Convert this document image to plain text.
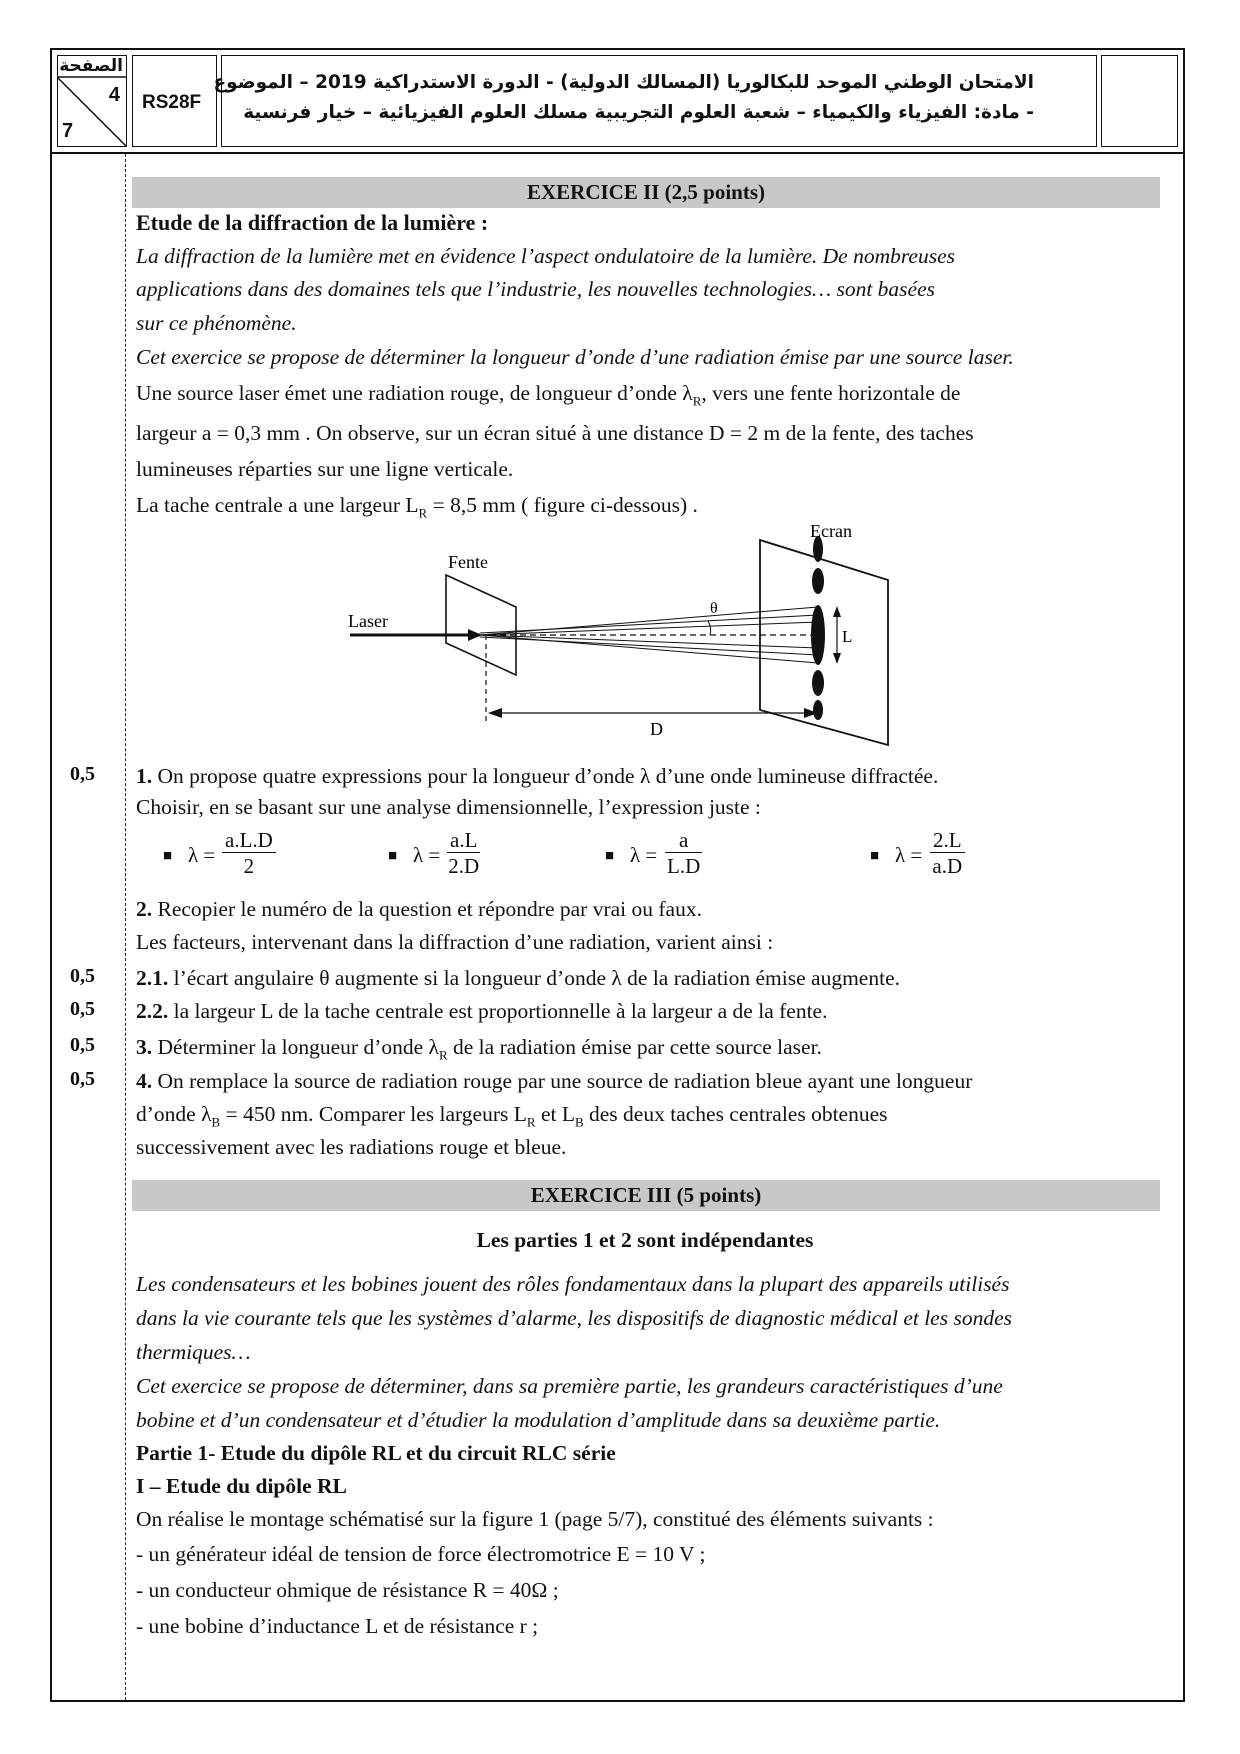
الصفحة
4
7
RS28F
الامتحان الوطني الموحد للبكالوريا (المسالك الدولية) - الدورة الاستدراكية 2019 – الموضوع
- مادة: الفيزياء والكيمياء – شعبة العلوم التجريبية مسلك العلوم الفيزيائية – خيار فرنسية
EXERCICE II (2,5 points)
Etude de la diffraction de la lumière :
La diffraction de la lumière met en évidence l’aspect ondulatoire de la lumière. De nombreuses
applications dans des domaines tels que l’industrie, les nouvelles technologies… sont basées
sur ce phénomène.
Cet exercice se propose de déterminer la longueur d’onde d’une radiation émise par une source laser.
Une source laser émet une radiation rouge, de longueur d’onde $\lambda_R$, vers une fente horizontale de
largeur a = 0,3 mm . On observe, sur un écran situé à une distance D = 2 m de la fente, des taches
lumineuses réparties sur une ligne verticale.
La tache centrale a une largeur $L_R = 8,5$ mm ( figure ci-dessous) .
Ecran
Fente
Laser
θ
L
D
0,5
0,5
0,5
0,5
0,5
1. On propose quatre expressions pour la longueur d’onde λ d’une onde lumineuse diffractée.
Choisir, en se basant sur une analyse dimensionnelle, l’expression juste :
■ $\lambda = \frac{a.L.D}{2}$	■ $\lambda = \frac{a.L}{2.D}$	■ $\lambda = \frac{a}{L.D}$	■ $\lambda = \frac{2.L}{a.D}$
2. Recopier le numéro de la question et répondre par vrai ou faux.
Les facteurs, intervenant dans la diffraction d’une radiation, varient ainsi :
2.1. l’écart angulaire θ augmente si la longueur d’onde λ de la radiation émise augmente.
2.2. la largeur L de la tache centrale est proportionnelle à la largeur a de la fente.
3. Déterminer la longueur d’onde $\lambda_R$ de la radiation émise par cette source laser.
4. On remplace la source de radiation rouge par une source de radiation bleue ayant une longueur
d’onde $\lambda_B = 450$ nm. Comparer les largeurs $L_R$ et $L_B$ des deux taches centrales obtenues
successivement avec les radiations rouge et bleue.
EXERCICE III (5 points)
Les parties 1 et 2 sont indépendantes
Les condensateurs et les bobines jouent des rôles fondamentaux dans la plupart des appareils utilisés
dans la vie courante tels que les systèmes d’alarme, les dispositifs de diagnostic médical et les sondes
thermiques…
Cet exercice se propose de déterminer, dans sa première partie, les grandeurs caractéristiques d’une
bobine et d’un condensateur et d’étudier la modulation d’amplitude dans sa deuxième partie.
Partie 1- Etude du dipôle RL et du circuit RLC série
I – Etude du dipôle RL
On réalise le montage schématisé sur la figure 1 (page 5/7), constitué des éléments suivants :
- un générateur idéal de tension de force électromotrice E = 10 V ;
- un conducteur ohmique de résistance R = 40Ω ;
- une bobine d’inductance L et de résistance r ;
